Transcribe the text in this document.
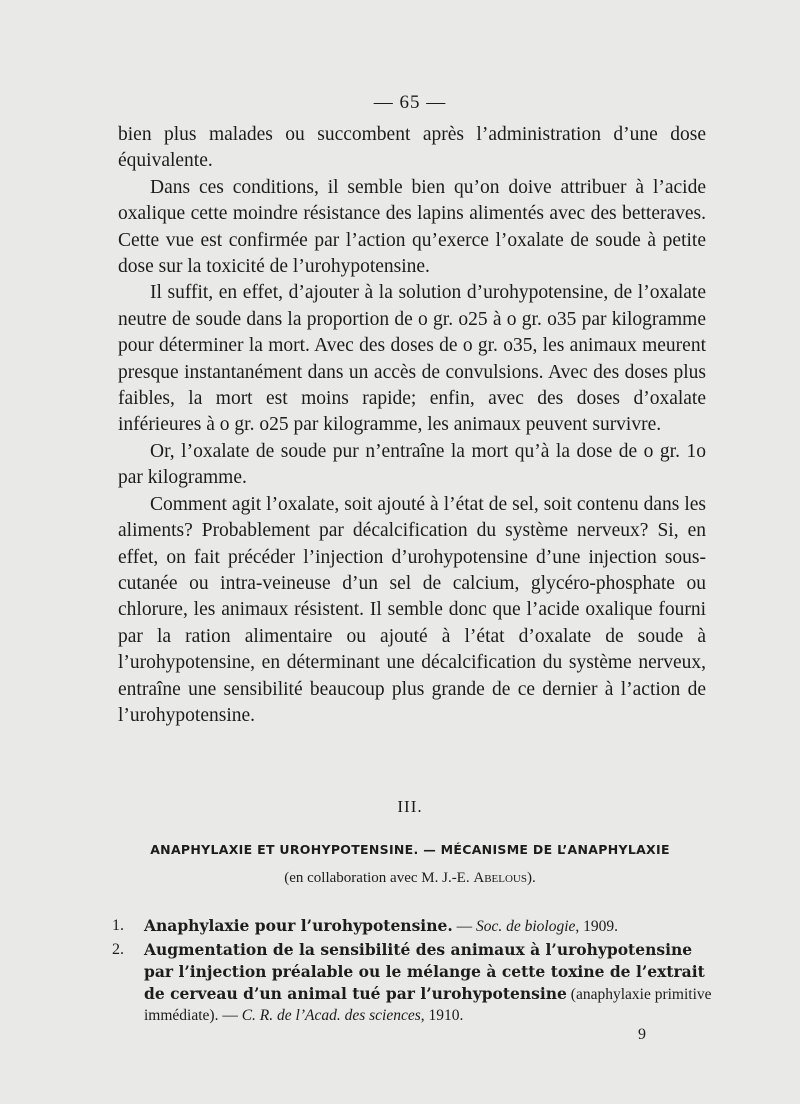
— 65 —

bien plus malades ou succombent après l’administration d’une dose équivalente.

Dans ces conditions, il semble bien qu’on doive attribuer à l’acide oxalique cette moindre résistance des lapins alimentés avec des betteraves. Cette vue est confirmée par l’action qu’exerce l’oxalate de soude à petite dose sur la toxicité de l’urohypotensine.

Il suffit, en effet, d’ajouter à la solution d’urohypotensine, de l’oxalate neutre de soude dans la proportion de o gr. o25 à o gr. o35 par kilogramme pour déterminer la mort. Avec des doses de o gr. o35, les animaux meurent presque instantanément dans un accès de convulsions. Avec des doses plus faibles, la mort est moins rapide; enfin, avec des doses d’oxalate inférieures à o gr. o25 par kilogramme, les animaux peuvent survivre.

Or, l’oxalate de soude pur n’entraîne la mort qu’à la dose de o gr. 1o par kilogramme.

Comment agit l’oxalate, soit ajouté à l’état de sel, soit contenu dans les aliments? Probablement par décalcification du système nerveux? Si, en effet, on fait précéder l’injection d’urohypotensine d’une injection sous-cutanée ou intra-veineuse d’un sel de calcium, glycéro-phosphate ou chlorure, les animaux résistent. Il semble donc que l’acide oxalique fourni par la ration alimentaire ou ajouté à l’état d’oxalate de soude à l’urohypotensine, en déterminant une décalcification du système nerveux, entraîne une sensibilité beaucoup plus grande de ce dernier à l’action de l’urohypotensine.

III.
ANAPHYLAXIE ET UROHYPOTENSINE. — MÉCANISME DE L’ANAPHYLAXIE
(en collaboration avec M. J.-E. Abelous).
1. Anaphylaxie pour l’urohypotensine. — Soc. de biologie, 1909.
2. Augmentation de la sensibilité des animaux à l’urohypotensine par l’injection préalable ou le mélange à cette toxine de l’extrait de cerveau d’un animal tué par l’urohypotensine (anaphylaxie primitive immédiate). — C. R. de l’Acad. des sciences, 1910.
9
